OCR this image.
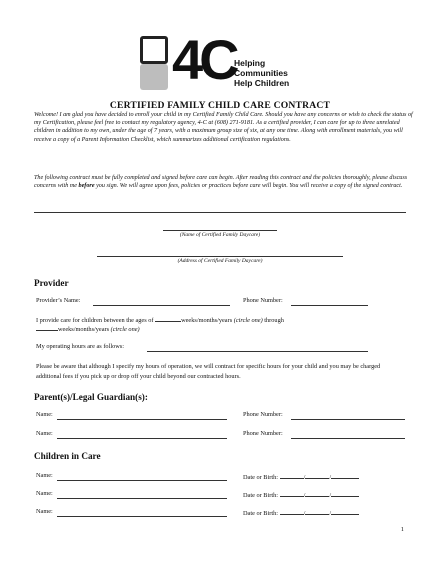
4C
Helping
Communities
Help Children
CERTIFIED FAMILY CHILD CARE CONTRACT
Welcome! I am glad you have decided to enroll your child in my Certified Family Child Care. Should you have any concerns or wish to check the status of my Certification, please feel free to contact my regulatory agency, 4-C at (608) 271-9181. As a certified provider, I can care for up to three unrelated children in addition to my own, under the age of 7 years, with a maximum group size of six, at any one time. Along with enrollment materials, you will receive a copy of a Parent Information Checklist, which summarizes additional certification regulations.
The following contract must be fully completed and signed before care can begin. After reading this contract and the policies thoroughly, please discuss concerns with me before you sign. We will agree upon fees, policies or practices before care will begin. You will receive a copy of the signed contract.
(Name of Certified Family Daycare)
(Address of Certified Family Daycare)
Provider
Provider’s Name:	Phone Number:
I provide care for children between the ages of	weeks/months/years (circle one) through
weeks/months/years (circle one)
My operating hours are as follows:
Please be aware that although I specify my hours of operation, we will contract for specific hours for your child and you may be charged additional fees if you pick up or drop off your child beyond our contracted hours.
Parent(s)/Legal Guardian(s):
Name:	Phone Number:
Name:	Phone Number:
Children in Care
Name:	Date or Birth:	/	/
Name:	Date or Birth:	/	/
Name:	Date or Birth:	/	/
1
